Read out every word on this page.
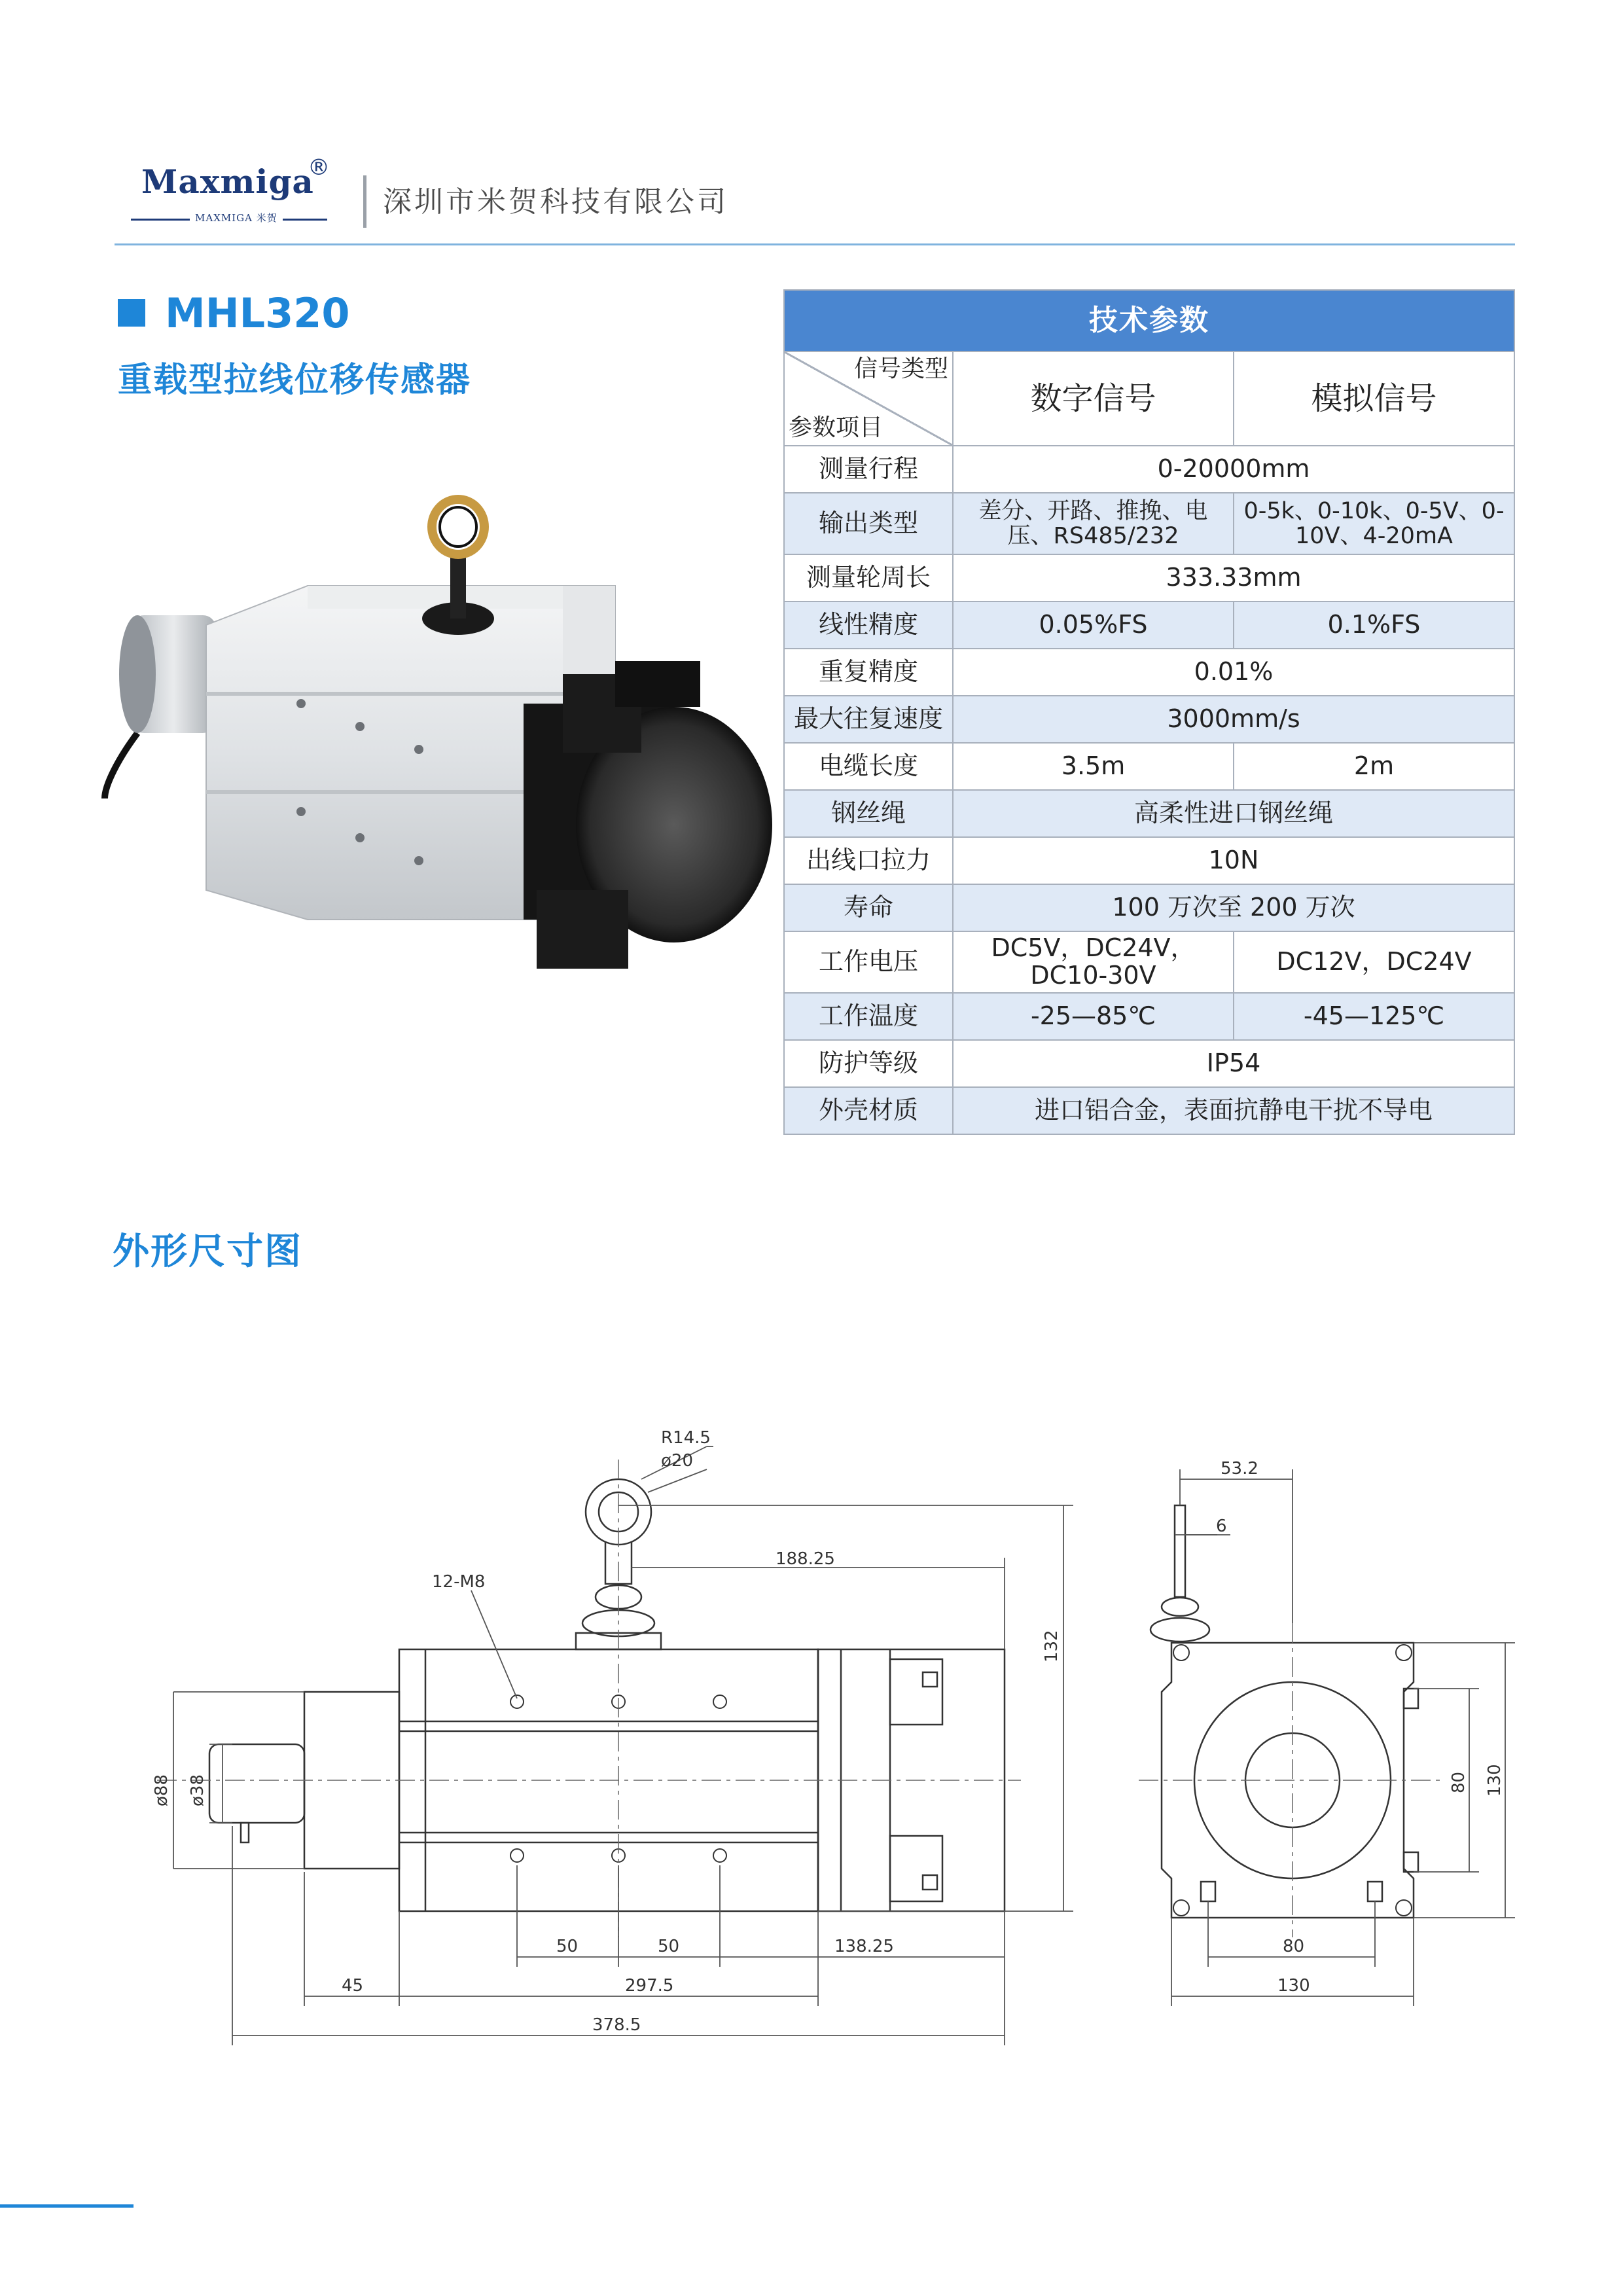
Maxmiga
®
MAXMIGA 米贺	深圳市米贺科技有限公司
MHL320
重载型拉线位移传感器
技术参数		

信号类型
参数项目	数字信号	模拟信号
测量行程	0-20000mm	
输出类型	差分、开路、推挽、电压、RS485/232	0-5k、0-10k、0-5V、0-10V、4-20mA
测量轮周长	333.33mm	
线性精度	0.05%FS	0.1%FS
重复精度	0.01%	
最大往复速度	3000mm/s	
电缆长度	3.5m	2m
钢丝绳	高柔性进口钢丝绳	
出线口拉力	10N	
寿命	100 万次至 200 万次	
工作电压	DC5V，DC24V，DC10-30V	DC12V，DC24V
工作温度	-25—85℃	-45—125℃
防护等级	IP54	
外壳材质	进口铝合金，表面抗静电干扰不导电	
外形尺寸图
R14.5
ø20
12-M8
188.25
132
ø88 ø38
50	50	138.25
45	297.5
378.5
53.2
6
80 130
80
130
